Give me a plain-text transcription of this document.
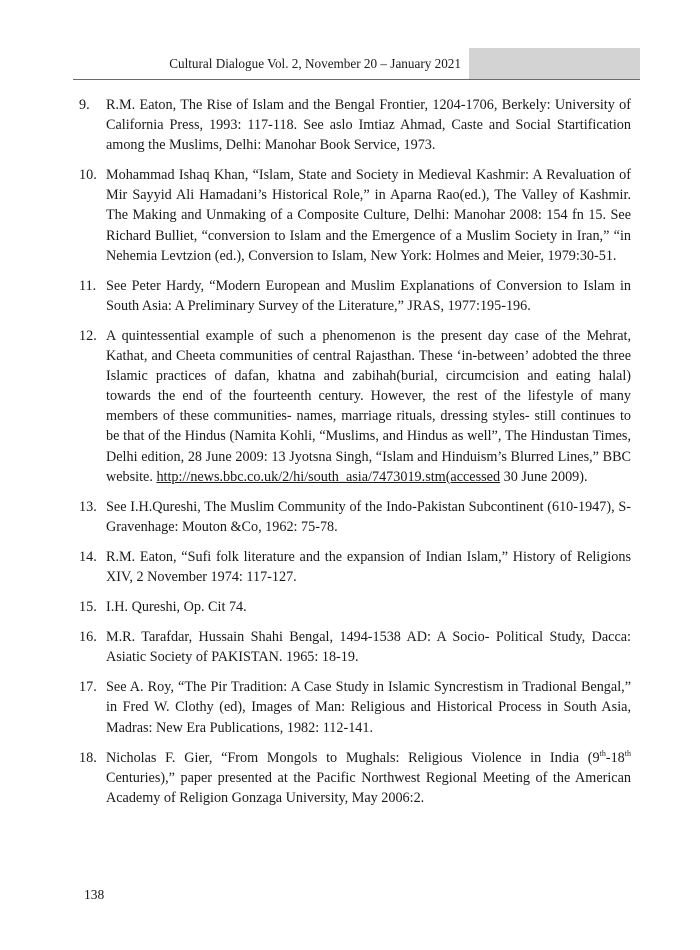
Cultural Dialogue Vol. 2, November 20 – January 2021
9. R.M. Eaton, The Rise of Islam and the Bengal Frontier, 1204-1706, Berkely: University of California Press, 1993: 117-118. See aslo Imtiaz Ahmad, Caste and Social Startification among the Muslims, Delhi: Manohar Book Service, 1973.
10. Mohammad Ishaq Khan, “Islam, State and Society in Medieval Kashmir: A Revaluation of Mir Sayyid Ali Hamadani’s Historical Role,” in Aparna Rao(ed.), The Valley of Kashmir. The Making and Unmaking of a Composite Culture, Delhi: Manohar 2008: 154 fn 15. See Richard Bulliet, “conversion to Islam and the Emergence of a Muslim Society in Iran,” “in Nehemia Levtzion (ed.), Conversion to Islam, New York: Holmes and Meier, 1979:30-51.
11. See Peter Hardy, “Modern European and Muslim Explanations of Conversion to Islam in South Asia: A Preliminary Survey of the Literature,” JRAS, 1977:195-196.
12. A quintessential example of such a phenomenon is the present day case of the Mehrat, Kathat, and Cheeta communities of central Rajasthan. These ‘in-between’ adobted the three Islamic practices of dafan, khatna and zabihah(burial, circumcision and eating halal) towards the end of the fourteenth century. However, the rest of the lifestyle of many members of these communities- names, marriage rituals, dressing styles- still continues to be that of the Hindus (Namita Kohli, “Muslims, and Hindus as well”, The Hindustan Times, Delhi edition, 28 June 2009: 13 Jyotsna Singh, “Islam and Hinduism’s Blurred Lines,” BBC website. http://news.bbc.co.uk/2/hi/south_asia/7473019.stm(accessed 30 June 2009).
13. See I.H.Qureshi, The Muslim Community of the Indo-Pakistan Subcontinent (610-1947), S-Gravenhage: Mouton &Co, 1962: 75-78.
14. R.M. Eaton, “Sufi folk literature and the expansion of Indian Islam,” History of Religions XIV, 2 November 1974: 117-127.
15. I.H. Qureshi, Op. Cit 74.
16. M.R. Tarafdar, Hussain Shahi Bengal, 1494-1538 AD: A Socio- Political Study, Dacca: Asiatic Society of PAKISTAN. 1965: 18-19.
17. See A. Roy, “The Pir Tradition: A Case Study in Islamic Syncrestism in Tradional Bengal,” in Fred W. Clothy (ed), Images of Man: Religious and Historical Process in South Asia, Madras: New Era Publications, 1982: 112-141.
18. Nicholas F. Gier, “From Mongols to Mughals: Religious Violence in India (9th-18th Centuries),” paper presented at the Pacific Northwest Regional Meeting of the American Academy of Religion Gonzaga University, May 2006:2.
138
